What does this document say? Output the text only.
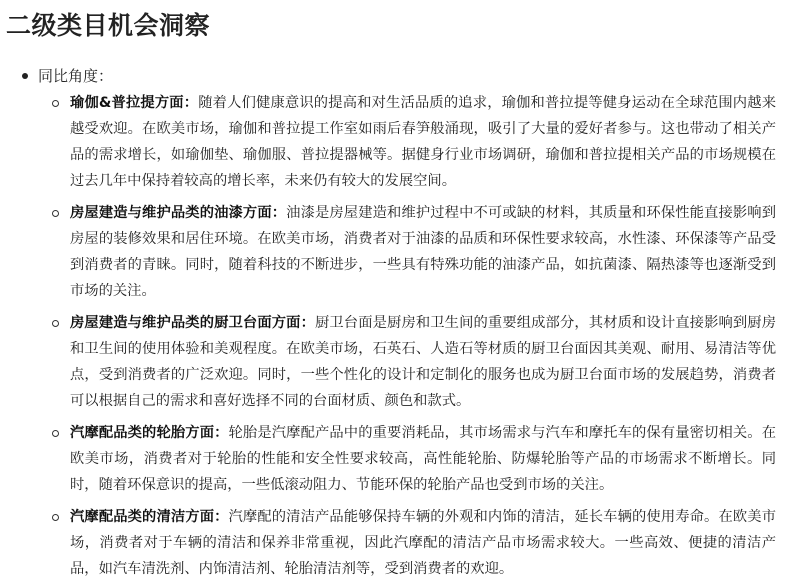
二级类目机会洞察
同比角度：
瑜伽&普拉提方面：随着人们健康意识的提高和对生活品质的追求，瑜伽和普拉提等健身运动在全球范围内越来越受欢迎。在欧美市场，瑜伽和普拉提工作室如雨后春笋般涌现，吸引了大量的爱好者参与。这也带动了相关产品的需求增长，如瑜伽垫、瑜伽服、普拉提器械等。据健身行业市场调研，瑜伽和普拉提相关产品的市场规模在过去几年中保持着较高的增长率，未来仍有较大的发展空间。
房屋建造与维护品类的油漆方面：油漆是房屋建造和维护过程中不可或缺的材料，其质量和环保性能直接影响到房屋的装修效果和居住环境。在欧美市场，消费者对于油漆的品质和环保性要求较高，水性漆、环保漆等产品受到消费者的青睐。同时，随着科技的不断进步，一些具有特殊功能的油漆产品，如抗菌漆、隔热漆等也逐渐受到市场的关注。
房屋建造与维护品类的厨卫台面方面：厨卫台面是厨房和卫生间的重要组成部分，其材质和设计直接影响到厨房和卫生间的使用体验和美观程度。在欧美市场，石英石、人造石等材质的厨卫台面因其美观、耐用、易清洁等优点，受到消费者的广泛欢迎。同时，一些个性化的设计和定制化的服务也成为厨卫台面市场的发展趋势，消费者可以根据自己的需求和喜好选择不同的台面材质、颜色和款式。
汽摩配品类的轮胎方面：轮胎是汽摩配产品中的重要消耗品，其市场需求与汽车和摩托车的保有量密切相关。在欧美市场，消费者对于轮胎的性能和安全性要求较高，高性能轮胎、防爆轮胎等产品的市场需求不断增长。同时，随着环保意识的提高，一些低滚动阻力、节能环保的轮胎产品也受到市场的关注。
汽摩配品类的清洁方面：汽摩配的清洁产品能够保持车辆的外观和内饰的清洁，延长车辆的使用寿命。在欧美市场，消费者对于车辆的清洁和保养非常重视，因此汽摩配的清洁产品市场需求较大。一些高效、便捷的清洁产品，如汽车清洗剂、内饰清洁剂、轮胎清洁剂等，受到消费者的欢迎。
